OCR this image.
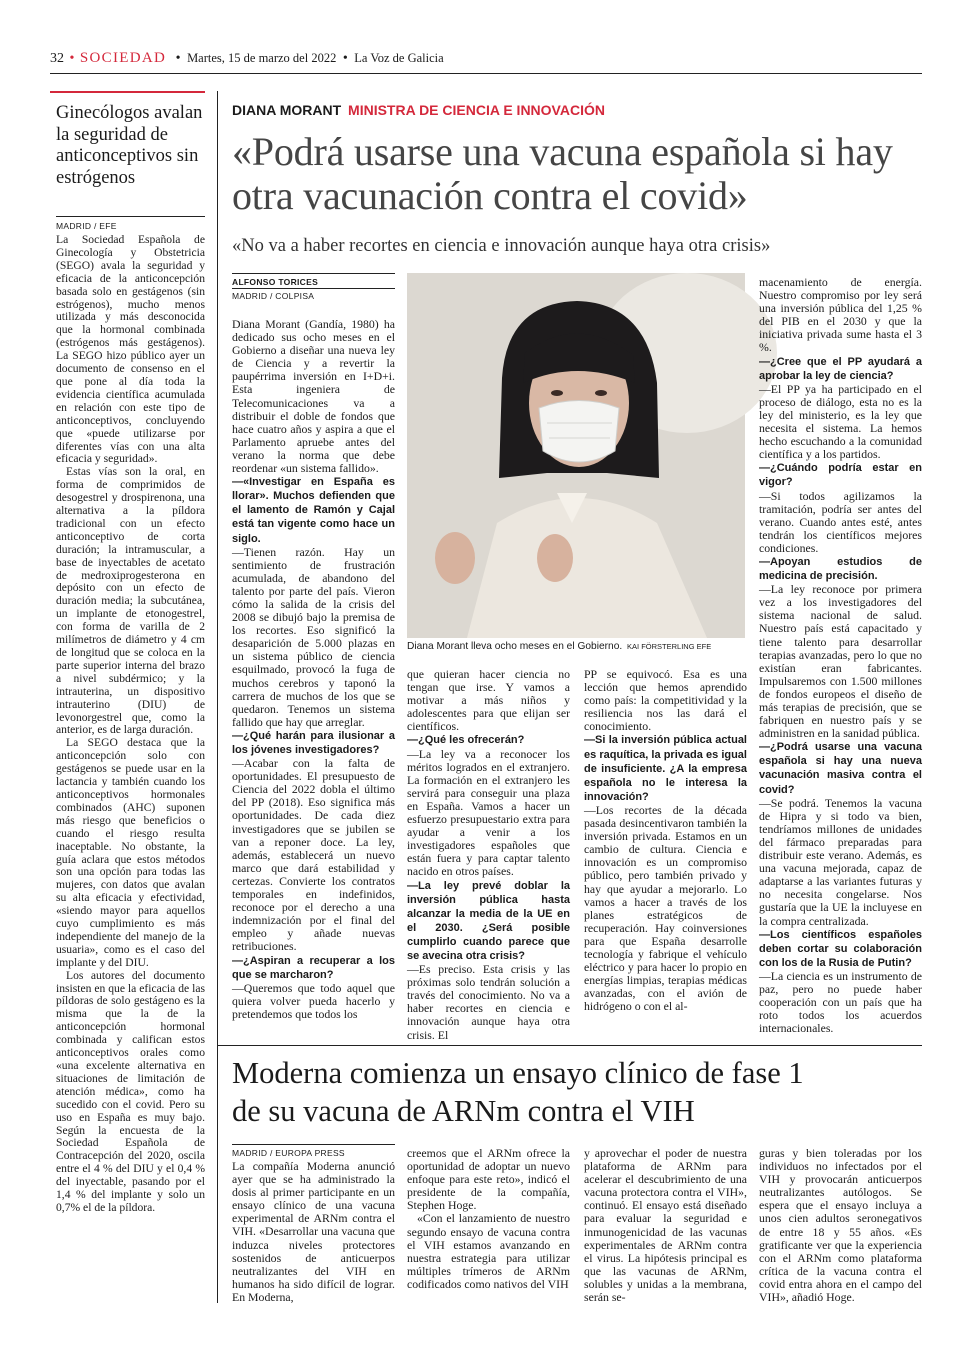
32 • SOCIEDAD • Martes, 15 de marzo del 2022 • La Voz de Galicia
Ginecólogos avalan la seguridad de anticonceptivos sin estrógenos
MADRID / EFE

La Sociedad Española de Ginecología y Obstetricia (SEGO) avala la seguridad y eficacia de la anticoncepción basada solo en gestágenos (sin estrógenos), mucho menos utilizada y más desconocida que la hormonal combinada (estrógenos más gestágenos). La SEGO hizo público ayer un documento de consenso en el que pone al día toda la evidencia científica acumulada en relación con este tipo de anticonceptivos, concluyendo que «puede utilizarse por diferentes vías con una alta eficacia y seguridad».

Estas vías son la oral, en forma de comprimidos de desogestrel y drospirenona, una alternativa a la píldora tradicional con un efecto anticonceptivo de corta duración; la intramuscular, a base de inyectables de acetato de medroxiprogesterona en depósito con un efecto de duración media; la subcutánea, un implante de etonogestrel, con forma de varilla de 2 milímetros de diámetro y 4 cm de longitud que se coloca en la parte superior interna del brazo a nivel subdérmico; y la intrauterina, un dispositivo intrauterino (DIU) de levonorgestrel que, como la anterior, es de larga duración.

La SEGO destaca que la anticoncepción solo con gestágenos se puede usar en la lactancia y también cuando los anticonceptivos hormonales combinados (AHC) suponen más riesgo que beneficios o cuando el riesgo resulta inaceptable. No obstante, la guía aclara que estos métodos son una opción para todas las mujeres, con datos que avalan su alta eficacia y efectividad, «siendo mayor para aquellos cuyo cumplimiento es más independiente del manejo de la usuaria», como es el caso del implante y del DIU.

Los autores del documento insisten en que la eficacia de las píldoras de solo gestágeno es la misma que la de la anticoncepción hormonal combinada y califican estos anticonceptivos orales como «una excelente alternativa en situaciones de limitación de atención médica», como ha sucedido con el covid. Pero su uso en España es muy bajo. Según la encuesta de la Sociedad Española de Contracepción del 2020, oscila entre el 4 % del DIU y el 0,4 % del inyectable, pasando por el 1,4 % del implante y solo un 0,7% el de la píldora.

DIANA MORANT MINISTRA DE CIENCIA E INNOVACIÓN
«Podrá usarse una vacuna española si hay otra vacunación contra el covid»
«No va a haber recortes en ciencia e innovación aunque haya otra crisis»
ALFONSO TORICES
MADRID / COLPISA
Diana Morant lleva ocho meses en el Gobierno. KAI FÖRSTERLING EFE

Diana Morant (Gandía, 1980) ha dedicado sus ocho meses en el Gobierno a diseñar una nueva ley de Ciencia y a revertir la paupérrima inversión en I+D+i. Esta ingeniera de Telecomunicaciones va a distribuir el doble de fondos que hace cuatro años y aspira a que el Parlamento apruebe antes del verano la norma que debe reordenar «un sistema fallido».

—«Investigar en España es llorar». Muchos defienden que el lamento de Ramón y Cajal está tan vigente como hace un siglo.

—Tienen razón. Hay un sentimiento de frustración acumulada, de abandono del talento por parte del país. Vieron cómo la salida de la crisis del 2008 se dibujó bajo la premisa de los recortes. Eso significó la desaparición de 5.000 plazas en un sistema público de ciencia esquilmado, provocó la fuga de muchos cerebros y taponó la carrera de muchos de los que se quedaron. Tenemos un sistema fallido que hay que arreglar.

—¿Qué harán para ilusionar a los jóvenes investigadores?

—Acabar con la falta de oportunidades. El presupuesto de Ciencia del 2022 dobla el último del PP (2018). Eso significa más oportunidades. De cada diez investigadores que se jubilen se van a reponer doce. La ley, además, establecerá un nuevo marco que dará estabilidad y certezas. Convierte los contratos temporales en indefinidos, reconoce por el derecho a una indemnización por el final del empleo y añade nuevas retribuciones.

—¿Aspiran a recuperar a los que se marcharon?

—Queremos que todo aquel que quiera volver pueda hacerlo y pretendemos que todos los

que quieran hacer ciencia no tengan que irse. Y vamos a motivar a más niños y adolescentes para que elijan ser científicos.

—¿Qué les ofrecerán?

—La ley va a reconocer los méritos logrados en el extranjero. La formación en el extranjero les servirá para conseguir una plaza en España. Vamos a hacer un esfuerzo presupuestario extra para ayudar a venir a los investigadores españoles que están fuera y para captar talento nacido en otros países.

—La ley prevé doblar la inversión pública hasta alcanzar la media de la UE en el 2030. ¿Será posible cumplirlo cuando parece que se avecina otra crisis?

—Es preciso. Esta crisis y las próximas solo tendrán solución a través del conocimiento. No va a haber recortes en ciencia e innovación aunque haya otra crisis. El

PP se equivocó. Esa es una lección que hemos aprendido como país: la competitividad y la resiliencia nos las dará el conocimiento.

—Si la inversión pública actual es raquítica, la privada es igual de insuficiente. ¿A la empresa española no le interesa la innovación?

—Los recortes de la década pasada desincentivaron también la inversión privada. Estamos en un cambio de cultura. Ciencia e innovación es un compromiso público, pero también privado y hay que ayudar a mejorarlo. Lo vamos a hacer a través de los planes estratégicos de recuperación. Hay coinversiones para que España desarrolle tecnología y fabrique el vehículo eléctrico y para hacer lo propio en energías limpias, terapias médicas avanzadas, con el avión de hidrógeno o con el al-

macenamiento de energía. Nuestro compromiso por ley será una inversión pública del 1,25 % del PIB en el 2030 y que la iniciativa privada sume hasta el 3 %.

—¿Cree que el PP ayudará a aprobar la ley de ciencia?

—El PP ya ha participado en el proceso de diálogo, esta no es la ley del ministerio, es la ley que necesita el sistema. La hemos hecho escuchando a la comunidad científica y a los partidos.

—¿Cuándo podría estar en vigor?

—Si todos agilizamos la tramitación, podría ser antes del verano. Cuando antes esté, antes tendrán los científicos mejores condiciones.

—Apoyan estudios de medicina de precisión.

—La ley reconoce por primera vez a los investigadores del sistema nacional de salud. Nuestro país está capacitado y tiene talento para desarrollar terapias avanzadas, pero lo que no existían eran fabricantes. Impulsaremos con 1.500 millones de fondos europeos el diseño de más terapias de precisión, que se fabriquen en nuestro país y se administren en la sanidad pública.

—¿Podrá usarse una vacuna española si hay una nueva vacunación masiva contra el covid?

—Se podrá. Tenemos la vacuna de Hipra y si todo va bien, tendríamos millones de unidades del fármaco preparadas para distribuir este verano. Además, es una vacuna mejorada, capaz de adaptarse a las variantes futuras y no necesita congelarse. Nos gustaría que la UE la incluyese en la compra centralizada.

—Los científicos españoles deben cortar su colaboración con los de la Rusia de Putin?

—La ciencia es un instrumento de paz, pero no puede haber cooperación con un país que ha roto todos los acuerdos internacionales.

Moderna comienza un ensayo clínico de fase 1 de su vacuna de ARNm contra el VIH
MADRID / EUROPA PRESS

La compañía Moderna anunció ayer que se ha administrado la dosis al primer participante en un ensayo clínico de una vacuna experimental de ARNm contra el VIH. «Desarrollar una vacuna que induzca niveles protectores sostenidos de anticuerpos neutralizantes del VIH en humanos ha sido difícil de lograr. En Moderna,

creemos que el ARNm ofrece la oportunidad de adoptar un nuevo enfoque para este reto», indicó el presidente de la compañía, Stephen Hoge.

«Con el lanzamiento de nuestro segundo ensayo de vacuna contra el VIH estamos avanzando en nuestra estrategia para utilizar múltiples trímeros de ARNm codificados como nativos del VIH

y aprovechar el poder de nuestra plataforma de ARNm para acelerar el descubrimiento de una vacuna protectora contra el VIH», continuó. El ensayo está diseñado para evaluar la seguridad e inmunogenicidad de las vacunas experimentales de ARNm contra el virus. La hipótesis principal es que las vacunas de ARNm, solubles y unidas a la membrana, serán se-

guras y bien toleradas por los individuos no infectados por el VIH y provocarán anticuerpos neutralizantes autólogos. Se espera que el ensayo incluya a unos cien adultos seronegativos de entre 18 y 55 años. «Es gratificante ver que la experiencia con el ARNm como plataforma crítica de la vacuna contra el covid entra ahora en el campo del VIH», añadió Hoge.
